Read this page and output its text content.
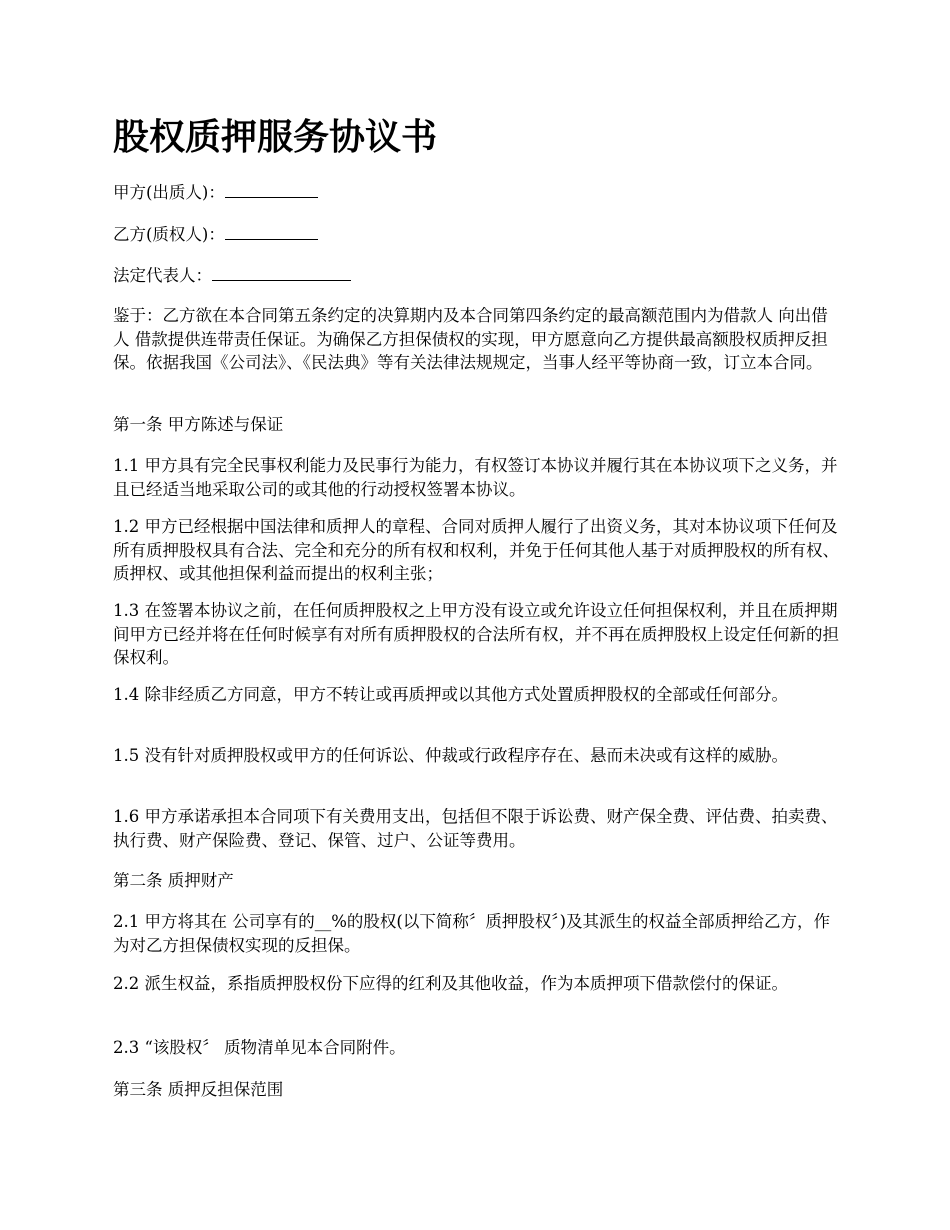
股权质押服务协议书

甲方(出质人)：

乙方(质权人)：

法定代表人：

鉴于：乙方欲在本合同第五条约定的决算期内及本合同第四条约定的最高额范围内为借款人 向出借人 借款提供连带责任保证。为确保乙方担保债权的实现，甲方愿意向乙方提供最高额股权质押反担保。依据我国《公司法》、《民法典》等有关法律法规规定，当事人经平等协商一致，订立本合同。

第一条 甲方陈述与保证

1.1 甲方具有完全民事权利能力及民事行为能力，有权签订本协议并履行其在本协议项下之义务，并且已经适当地采取公司的或其他的行动授权签署本协议。

1.2 甲方已经根据中国法律和质押人的章程、合同对质押人履行了出资义务，其对本协议项下任何及所有质押股权具有合法、完全和充分的所有权和权利，并免于任何其他人基于对质押股权的所有权、质押权、或其他担保利益而提出的权利主张；

1.3 在签署本协议之前，在任何质押股权之上甲方没有设立或允许设立任何担保权利，并且在质押期间甲方已经并将在任何时候享有对所有质押股权的合法所有权，并不再在质押股权上设定任何新的担保权利。

1.4 除非经质乙方同意，甲方不转让或再质押或以其他方式处置质押股权的全部或任何部分。

1.5 没有针对质押股权或甲方的任何诉讼、仲裁或行政程序存在、悬而未决或有这样的威胁。

1.6 甲方承诺承担本合同项下有关费用支出，包括但不限于诉讼费、财产保全费、评估费、拍卖费、执行费、财产保险费、登记、保管、过户、公证等费用。

第二条 质押财产

2.1 甲方将其在 公司享有的__%的股权(以下简称〞质押股权〞)及其派生的权益全部质押给乙方，作为对乙方担保债权实现的反担保。

2.2 派生权益，系指质押股权份下应得的红利及其他收益，作为本质押项下借款偿付的保证。

2.3 “该股权〞 质物清单见本合同附件。

第三条 质押反担保范围
